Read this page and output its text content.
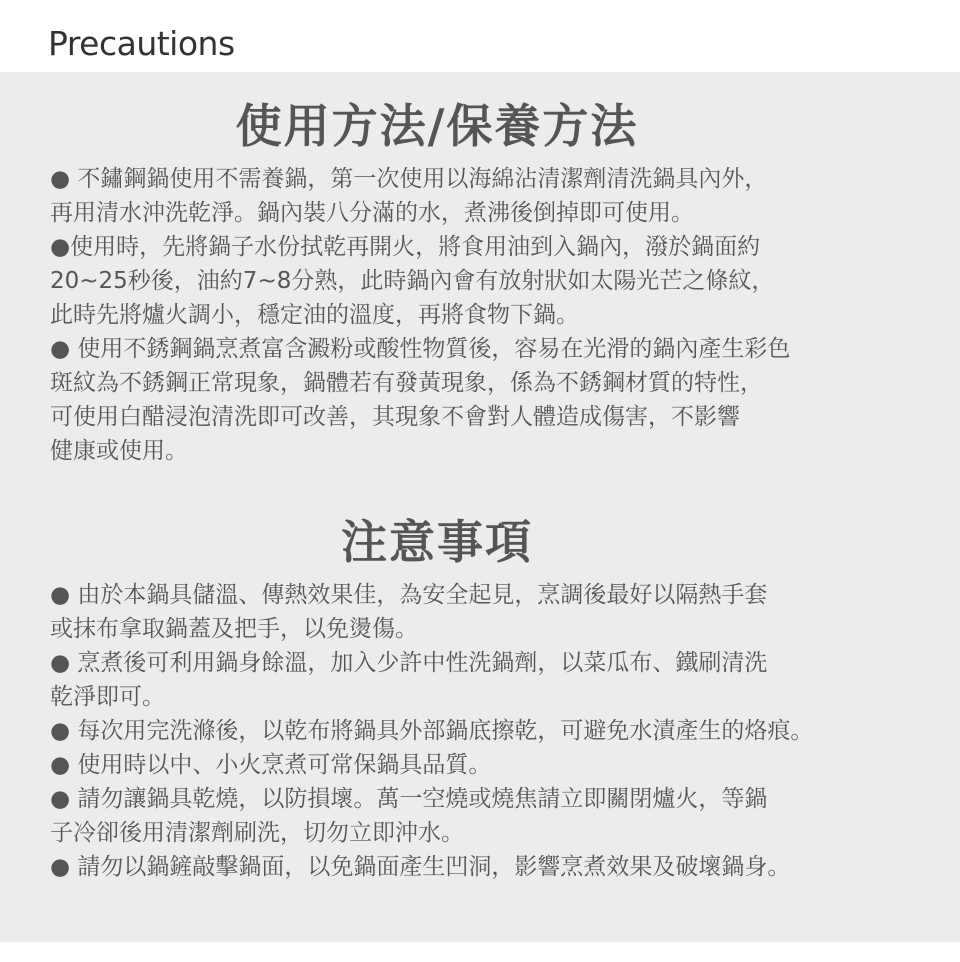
Precautions
使用方法/保養方法

● 不鏽鋼鍋使用不需養鍋，第一次使用以海綿沾清潔劑清洗鍋具內外，

再用清水沖洗乾淨。鍋內裝八分滿的水，煮沸後倒掉即可使用。

●使用時，先將鍋子水份拭乾再開火，將食用油到入鍋內，潑於鍋面約

20~25秒後，油約7~8分熟，此時鍋內會有放射狀如太陽光芒之條紋，

此時先將爐火調小，穩定油的溫度，再將食物下鍋。

● 使用不銹鋼鍋烹煮富含澱粉或酸性物質後，容易在光滑的鍋內產生彩色

斑紋為不銹鋼正常現象，鍋體若有發黃現象，係為不銹鋼材質的特性，

可使用白醋浸泡清洗即可改善，其現象不會對人體造成傷害，不影響

健康或使用。

注意事項

● 由於本鍋具儲溫、傳熱效果佳，為安全起見，烹調後最好以隔熱手套

或抹布拿取鍋蓋及把手，以免燙傷。

● 烹煮後可利用鍋身餘溫，加入少許中性洗鍋劑，以菜瓜布、鐵刷清洗

乾淨即可。

● 每次用完洗滌後，以乾布將鍋具外部鍋底擦乾，可避免水漬產生的烙痕。

● 使用時以中、小火烹煮可常保鍋具品質。

● 請勿讓鍋具乾燒，以防損壞。萬一空燒或燒焦請立即關閉爐火，等鍋

子冷卻後用清潔劑刷洗，切勿立即沖水。

● 請勿以鍋鏟敲擊鍋面，以免鍋面產生凹洞，影響烹煮效果及破壞鍋身。
